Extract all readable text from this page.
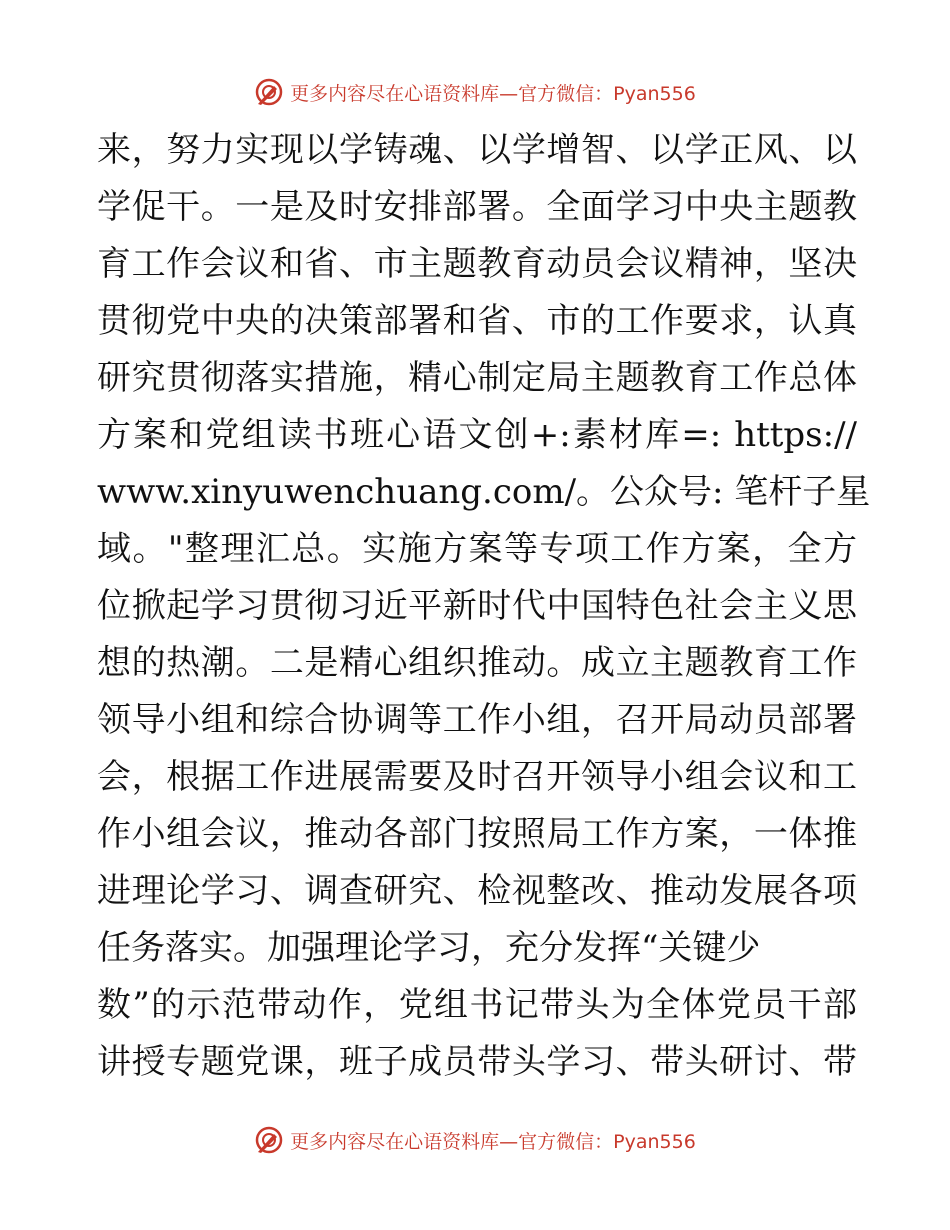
更多内容尽在心语资料库—官方微信：Pyan556
来，努力实现以学铸魂、以学增智、以学正风、以
学促干。一是及时安排部署。全面学习中央主题教
育工作会议和省、市主题教育动员会议精神，坚决
贯彻党中央的决策部署和省、市的工作要求，认真
研究贯彻落实措施，精心制定局主题教育工作总体
方案和党组读书班心语文创+:素材库=: https://
www.xinyuwenchuang.com/。公众号: 笔杆子星
域。"整理汇总。实施方案等专项工作方案，全方
位掀起学习贯彻习近平新时代中国特色社会主义思
想的热潮。二是精心组织推动。成立主题教育工作
领导小组和综合协调等工作小组，召开局动员部署
会，根据工作进展需要及时召开领导小组会议和工
作小组会议，推动各部门按照局工作方案，一体推
进理论学习、调查研究、检视整改、推动发展各项
任务落实。加强理论学习，充分发挥“关键少
数”的示范带动作，党组书记带头为全体党员干部
讲授专题党课，班子成员带头学习、带头研讨、带
更多内容尽在心语资料库—官方微信：Pyan556
